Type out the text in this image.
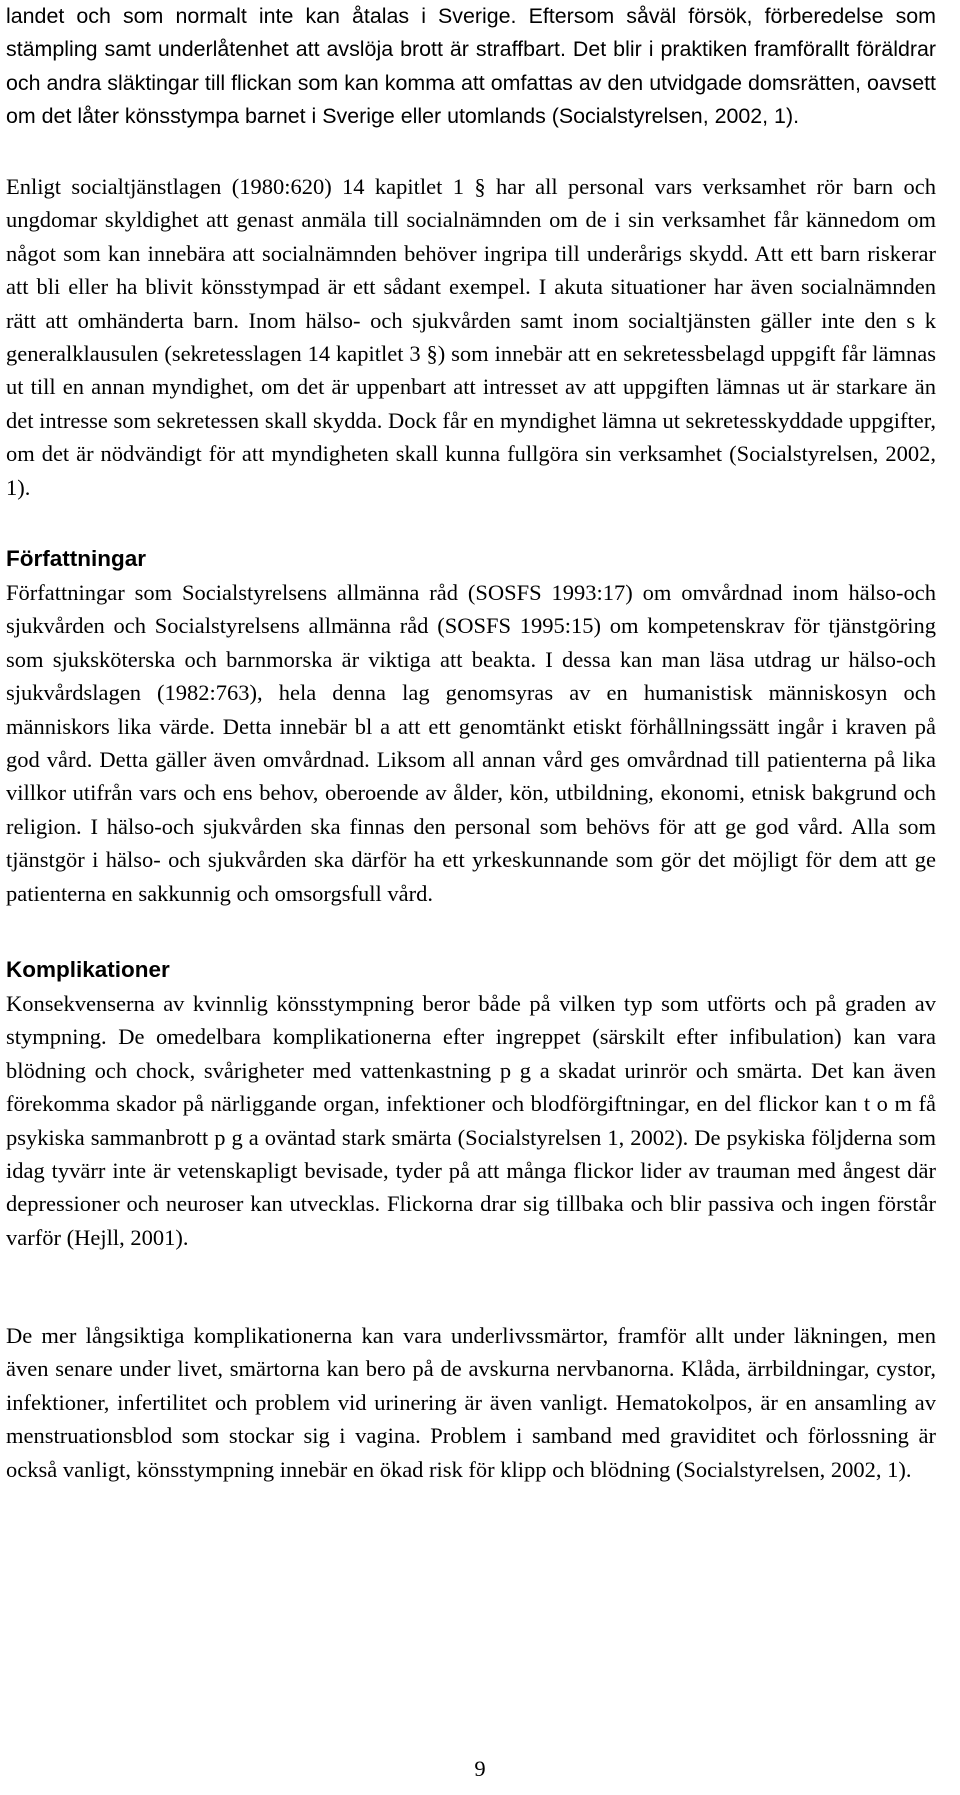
landet och som normalt inte kan åtalas i Sverige. Eftersom såväl försök, förberedelse som stämpling samt underlåtenhet att avslöja brott är straffbart. Det blir i praktiken framförallt föräldrar och andra släktingar till flickan som kan komma att omfattas av den utvidgade domsrätten, oavsett om det låter könsstympa barnet i Sverige eller utomlands (Socialstyrelsen, 2002, 1).

Enligt socialtjänstlagen (1980:620) 14 kapitlet 1 § har all personal vars verksamhet rör barn och ungdomar skyldighet att genast anmäla till socialnämnden om de i sin verksamhet får kännedom om något som kan innebära att socialnämnden behöver ingripa till underårigs skydd. Att ett barn riskerar att bli eller ha blivit könsstympad är ett sådant exempel. I akuta situationer har även socialnämnden rätt att omhänderta barn. Inom hälso- och sjukvården samt inom socialtjänsten gäller inte den s k generalklausulen (sekretesslagen 14 kapitlet 3 §) som innebär att en sekretessbelagd uppgift får lämnas ut till en annan myndighet, om det är uppenbart att intresset av att uppgiften lämnas ut är starkare än det intresse som sekretessen skall skydda. Dock får en myndighet lämna ut sekretesskyddade uppgifter, om det är nödvändigt för att myndigheten skall kunna fullgöra sin verksamhet (Socialstyrelsen, 2002, 1).

Författningar

Författningar som Socialstyrelsens allmänna råd (SOSFS 1993:17) om omvårdnad inom hälso-och sjukvården och Socialstyrelsens allmänna råd (SOSFS 1995:15) om kompetenskrav för tjänstgöring som sjuksköterska och barnmorska är viktiga att beakta. I dessa kan man läsa utdrag ur hälso-och sjukvårdslagen (1982:763), hela denna lag genomsyras av en humanistisk människosyn och människors lika värde. Detta innebär bl a att ett genomtänkt etiskt förhållningssätt ingår i kraven på god vård. Detta gäller även omvårdnad. Liksom all annan vård ges omvårdnad till patienterna på lika villkor utifrån vars och ens behov, oberoende av ålder, kön, utbildning, ekonomi, etnisk bakgrund och religion. I hälso-och sjukvården ska finnas den personal som behövs för att ge god vård. Alla som tjänstgör i hälso- och sjukvården ska därför ha ett yrkeskunnande som gör det möjligt för dem att ge patienterna en sakkunnig och omsorgsfull vård.

Komplikationer

Konsekvenserna av kvinnlig könsstympning beror både på vilken typ som utförts och på graden av stympning. De omedelbara komplikationerna efter ingreppet (särskilt efter infibulation) kan vara blödning och chock, svårigheter med vattenkastning p g a skadat urinrör och smärta. Det kan även förekomma skador på närliggande organ, infektioner och blodförgiftningar, en del flickor kan t o m få psykiska sammanbrott p g a oväntad stark smärta (Socialstyrelsen 1, 2002). De psykiska följderna som idag tyvärr inte är vetenskapligt bevisade, tyder på att många flickor lider av trauman med ångest där depressioner och neuroser kan utvecklas. Flickorna drar sig tillbaka och blir passiva och ingen förstår varför (Hejll, 2001).

De mer långsiktiga komplikationerna kan vara underlivssmärtor, framför allt under läkningen, men även senare under livet, smärtorna kan bero på de avskurna nervbanorna. Klåda, ärrbildningar, cystor, infektioner, infertilitet och problem vid urinering är även vanligt. Hematokolpos, är en ansamling av menstruationsblod som stockar sig i vagina. Problem i samband med graviditet och förlossning är också vanligt, könsstympning innebär en ökad risk för klipp och blödning (Socialstyrelsen, 2002, 1).

9
